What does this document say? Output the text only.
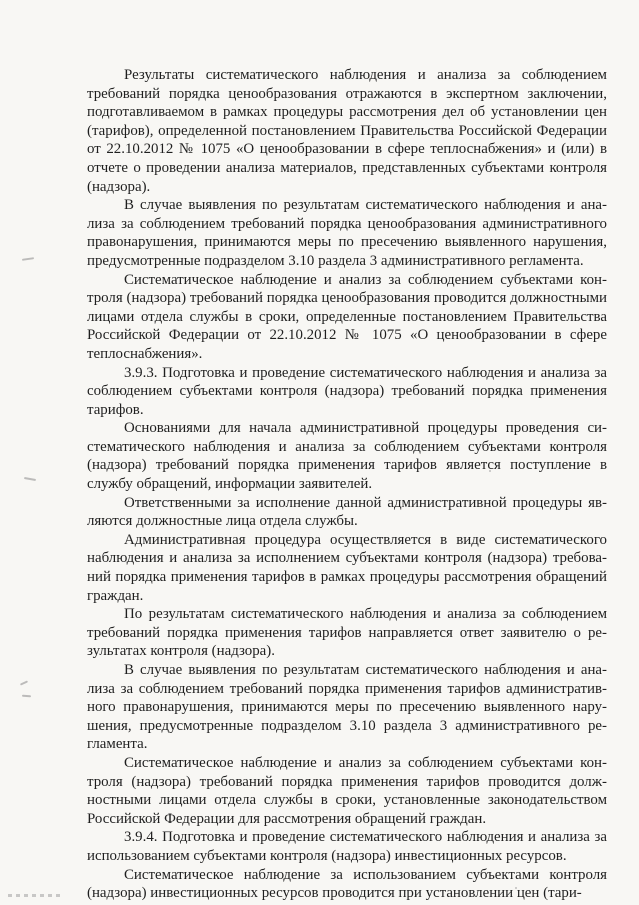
Результаты систематического наблюдения и анализа за соблюдением требований порядка ценообразования отражаются в экспертном заключении, подготавливаемом в рамках процедуры рассмотрения дел об установлении цен (тарифов), определенной постановлением Правительства Российской Федерации от 22.10.2012 № 1075 «О ценообразовании в сфере теплоснабжения» и (или) в отчете о проведении анализа материалов, представленных субъектами контроля (надзора).

В случае выявления по результатам систематического наблюдения и анализа за соблюдением требований порядка ценообразования административного правонарушения, принимаются меры по пресечению выявленного нарушения, предусмотренные подразделом 3.10 раздела 3 административного регламента.

Систематическое наблюдение и анализ за соблюдением субъектами контроля (надзора) требований порядка ценообразования проводится должностными лицами отдела службы в сроки, определенные постановлением Правительства Российской Федерации от 22.10.2012 № 1075 «О ценообразовании в сфере теплоснабжения».

3.9.3. Подготовка и проведение систематического наблюдения и анализа за соблюдением субъектами контроля (надзора) требований порядка применения тарифов.

Основаниями для начала административной процедуры проведения систематического наблюдения и анализа за соблюдением субъектами контроля (надзора) требований порядка применения тарифов является поступление в службу обращений, информации заявителей.

Ответственными за исполнение данной административной процедуры являются должностные лица отдела службы.

Административная процедура осуществляется в виде систематического наблюдения и анализа за исполнением субъектами контроля (надзора) требований порядка применения тарифов в рамках процедуры рассмотрения обращений граждан.

По результатам систематического наблюдения и анализа за соблюдением требований порядка применения тарифов направляется ответ заявителю о результатах контроля (надзора).

В случае выявления по результатам систематического наблюдения и анализа за соблюдением требований порядка применения тарифов административного правонарушения, принимаются меры по пресечению выявленного нарушения, предусмотренные подразделом 3.10 раздела 3 административного регламента.

Систематическое наблюдение и анализ за соблюдением субъектами контроля (надзора) требований порядка применения тарифов проводится должностными лицами отдела службы в сроки, установленные законодательством Российской Федерации для рассмотрения обращений граждан.

3.9.4. Подготовка и проведение систематического наблюдения и анализа за использованием субъектами контроля (надзора) инвестиционных ресурсов.

Систематическое наблюдение за использованием субъектами контроля (надзора) инвестиционных ресурсов проводится при установлении цен (тари-
